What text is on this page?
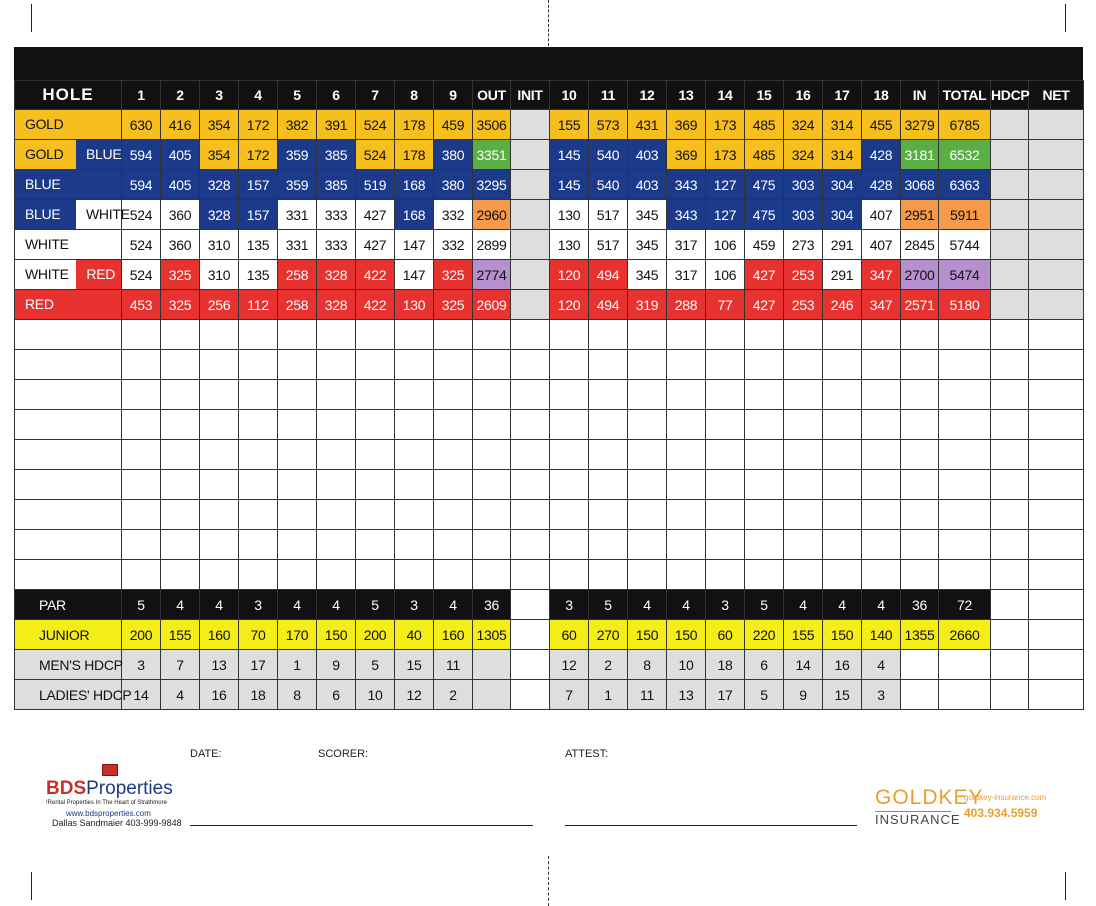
HOLE	1	2	3	4	5	6	7	8	9	OUT	INIT	10	11	12	13	14	15	16	17	18	IN	TOTAL	HDCP	NET

GOLD	630	416	354	172	382	391	524	178	459	3506		155	573	431	369	173	485	324	314	455	3279	6785		

GOLD BLUE	594	405	354	172	359	385	524	178	380	3351		145	540	403	369	173	485	324	314	428	3181	6532		

BLUE	594	405	328	157	359	385	519	168	380	3295		145	540	403	343	127	475	303	304	428	3068	6363		

BLUE WHITE	524	360	328	157	331	333	427	168	332	2960		130	517	345	343	127	475	303	304	407	2951	5911		

WHITE	524	360	310	135	331	333	427	147	332	2899		130	517	345	317	106	459	273	291	407	2845	5744		

WHITE RED	524	325	310	135	258	328	422	147	325	2774		120	494	345	317	106	427	253	291	347	2700	5474		

RED	453	325	256	112	258	328	422	130	325	2609		120	494	319	288	77	427	253	246	347	2571	5180		

PAR	5	4	4	3	4	4	5	3	4	36		3	5	4	4	3	5	4	4	4	36	72		
JUNIOR	200	155	160	70	170	150	200	40	160	1305		60	270	150	150	60	220	155	150	140	1355	2660		
MEN'S HDCP	3	7	13	17	1	9	5	15	11			12	2	8	10	18	6	14	16	4				
LADIES' HDCP	14	4	16	18	8	6	10	12	2			7	1	11	13	17	5	9	15	3				
DATE:	SCORER:	ATTEST:
BDSProperties
!Rental Properties In The Heart of Strathmore·
www.bdsproperties.com
Dallas Sandmaier 403-999-9848
GOLDKEY
INSURANCE
goldkey-insurance.com
403.934.5959
